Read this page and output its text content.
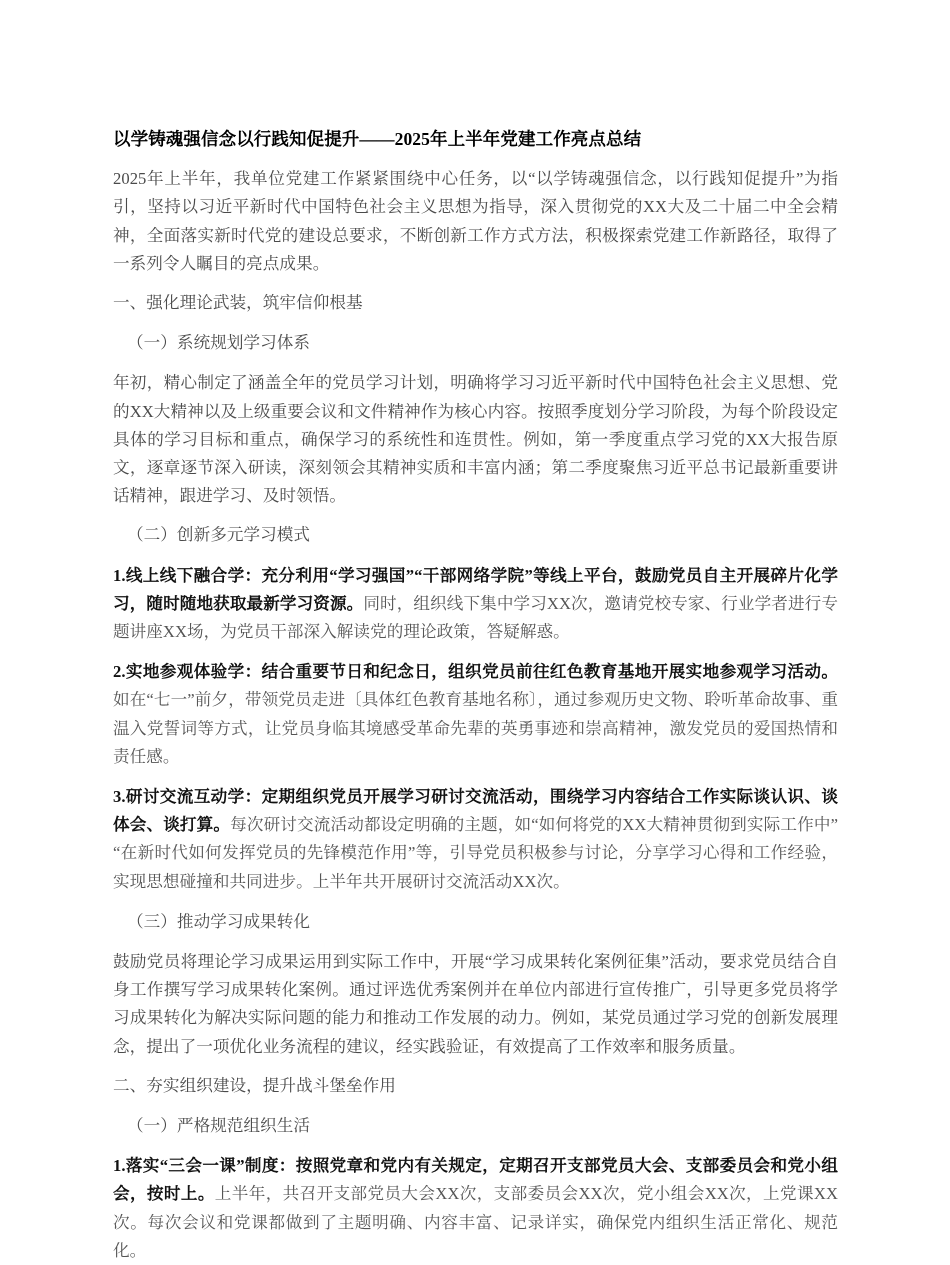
以学铸魂强信念以行践知促提升——2025年上半年党建工作亮点总结

2025年上半年，我单位党建工作紧紧围绕中心任务，以“以学铸魂强信念，以行践知促提升”为指引，坚持以习近平新时代中国特色社会主义思想为指导，深入贯彻党的XX大及二十届二中全会精神，全面落实新时代党的建设总要求，不断创新工作方式方法，积极探索党建工作新路径，取得了一系列令人瞩目的亮点成果。

一、强化理论武装，筑牢信仰根基

（一）系统规划学习体系

年初，精心制定了涵盖全年的党员学习计划，明确将学习习近平新时代中国特色社会主义思想、党的XX大精神以及上级重要会议和文件精神作为核心内容。按照季度划分学习阶段，为每个阶段设定具体的学习目标和重点，确保学习的系统性和连贯性。例如，第一季度重点学习党的XX大报告原文，逐章逐节深入研读，深刻领会其精神实质和丰富内涵；第二季度聚焦习近平总书记最新重要讲话精神，跟进学习、及时领悟。

（二）创新多元学习模式

1.线上线下融合学：充分利用“学习强国”“干部网络学院”等线上平台，鼓励党员自主开展碎片化学习，随时随地获取最新学习资源。同时，组织线下集中学习XX次，邀请党校专家、行业学者进行专题讲座XX场，为党员干部深入解读党的理论政策，答疑解惑。

2.实地参观体验学：结合重要节日和纪念日，组织党员前往红色教育基地开展实地参观学习活动。如在“七一”前夕，带领党员走进〔具体红色教育基地名称〕，通过参观历史文物、聆听革命故事、重温入党誓词等方式，让党员身临其境感受革命先辈的英勇事迹和崇高精神，激发党员的爱国热情和责任感。

3.研讨交流互动学：定期组织党员开展学习研讨交流活动，围绕学习内容结合工作实际谈认识、谈体会、谈打算。每次研讨交流活动都设定明确的主题，如“如何将党的XX大精神贯彻到实际工作中”“在新时代如何发挥党员的先锋模范作用”等，引导党员积极参与讨论，分享学习心得和工作经验，实现思想碰撞和共同进步。上半年共开展研讨交流活动XX次。

（三）推动学习成果转化

鼓励党员将理论学习成果运用到实际工作中，开展“学习成果转化案例征集”活动，要求党员结合自身工作撰写学习成果转化案例。通过评选优秀案例并在单位内部进行宣传推广，引导更多党员将学习成果转化为解决实际问题的能力和推动工作发展的动力。例如，某党员通过学习党的创新发展理念，提出了一项优化业务流程的建议，经实践验证，有效提高了工作效率和服务质量。

二、夯实组织建设，提升战斗堡垒作用

（一）严格规范组织生活

1.落实“三会一课”制度：按照党章和党内有关规定，定期召开支部党员大会、支部委员会和党小组会，按时上。上半年，共召开支部党员大会XX次，支部委员会XX次，党小组会XX次，上党课XX次。每次会议和党课都做到了主题明确、内容丰富、记录详实，确保党内组织生活正常化、规范化。
